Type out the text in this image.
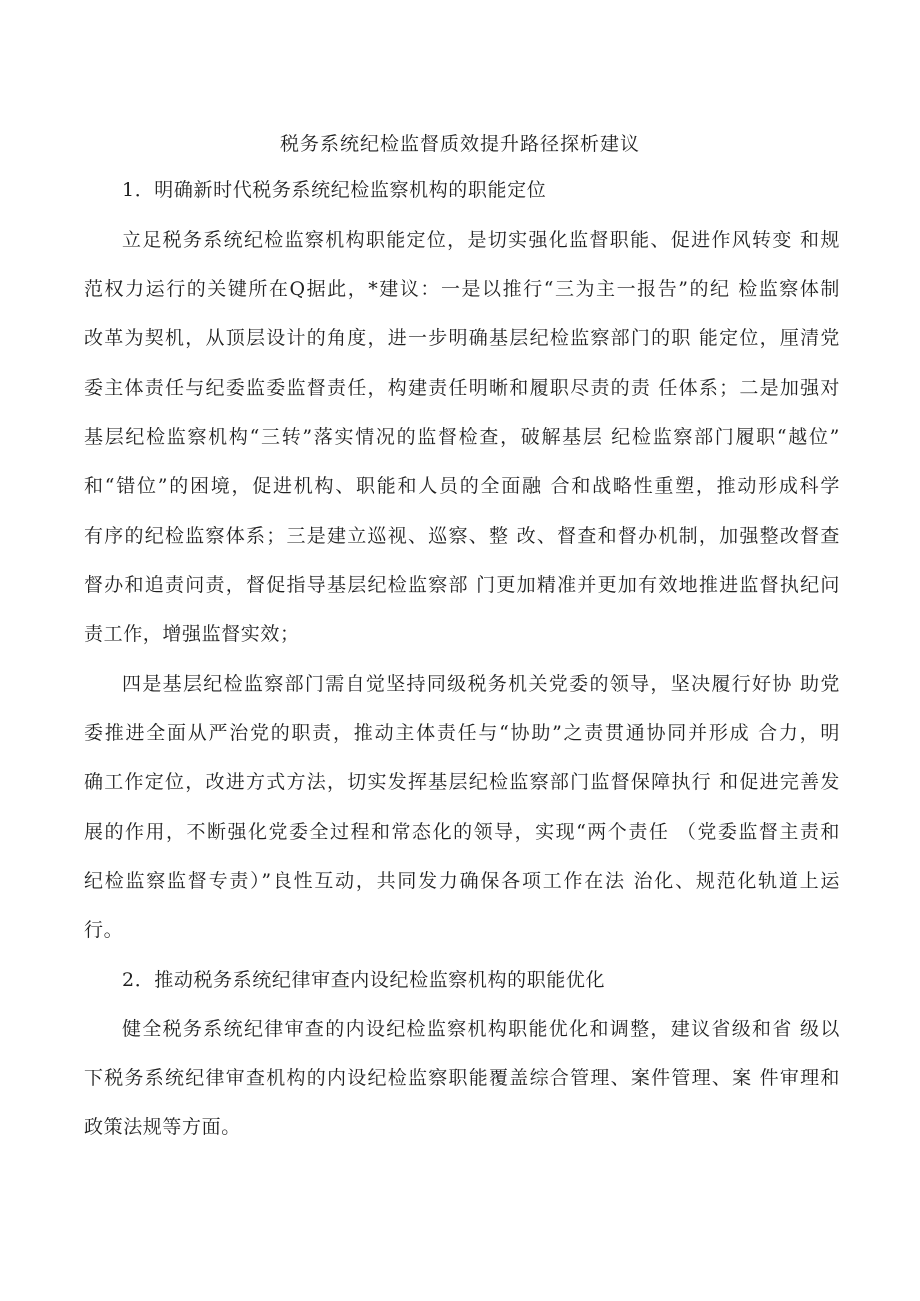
税务系统纪检监督质效提升路径探析建议
1．明确新时代税务系统纪检监察机构的职能定位
立足税务系统纪检监察机构职能定位，是切实强化监督职能、促进作风转变 和规
范权力运行的关键所在Q据此，*建议：一是以推行“三为主一报告”的纪 检监察体制
改革为契机，从顶层设计的角度，进一步明确基层纪检监察部门的职 能定位，厘清党
委主体责任与纪委监委监督责任，构建责任明晰和履职尽责的责 任体系；二是加强对
基层纪检监察机构“三转”落实情况的监督检查，破解基层 纪检监察部门履职“越位”
和“错位”的困境，促进机构、职能和人员的全面融 合和战略性重塑，推动形成科学
有序的纪检监察体系；三是建立巡视、巡察、整 改、督查和督办机制，加强整改督查
督办和追责问责，督促指导基层纪检监察部 门更加精准并更加有效地推进监督执纪问
责工作，增强监督实效；
四是基层纪检监察部门需自觉坚持同级税务机关党委的领导，坚决履行好协 助党
委推进全面从严治党的职责，推动主体责任与“协助”之责贯通协同并形成 合力，明
确工作定位，改进方式方法，切实发挥基层纪检监察部门监督保障执行 和促进完善发
展的作用，不断强化党委全过程和常态化的领导，实现“两个责任 （党委监督主责和
纪检监察监督专责）”良性互动，共同发力确保各项工作在法 治化、规范化轨道上运
行。
2．推动税务系统纪律审查内设纪检监察机构的职能优化
健全税务系统纪律审查的内设纪检监察机构职能优化和调整，建议省级和省 级以
下税务系统纪律审查机构的内设纪检监察职能覆盖综合管理、案件管理、案 件审理和
政策法规等方面。
